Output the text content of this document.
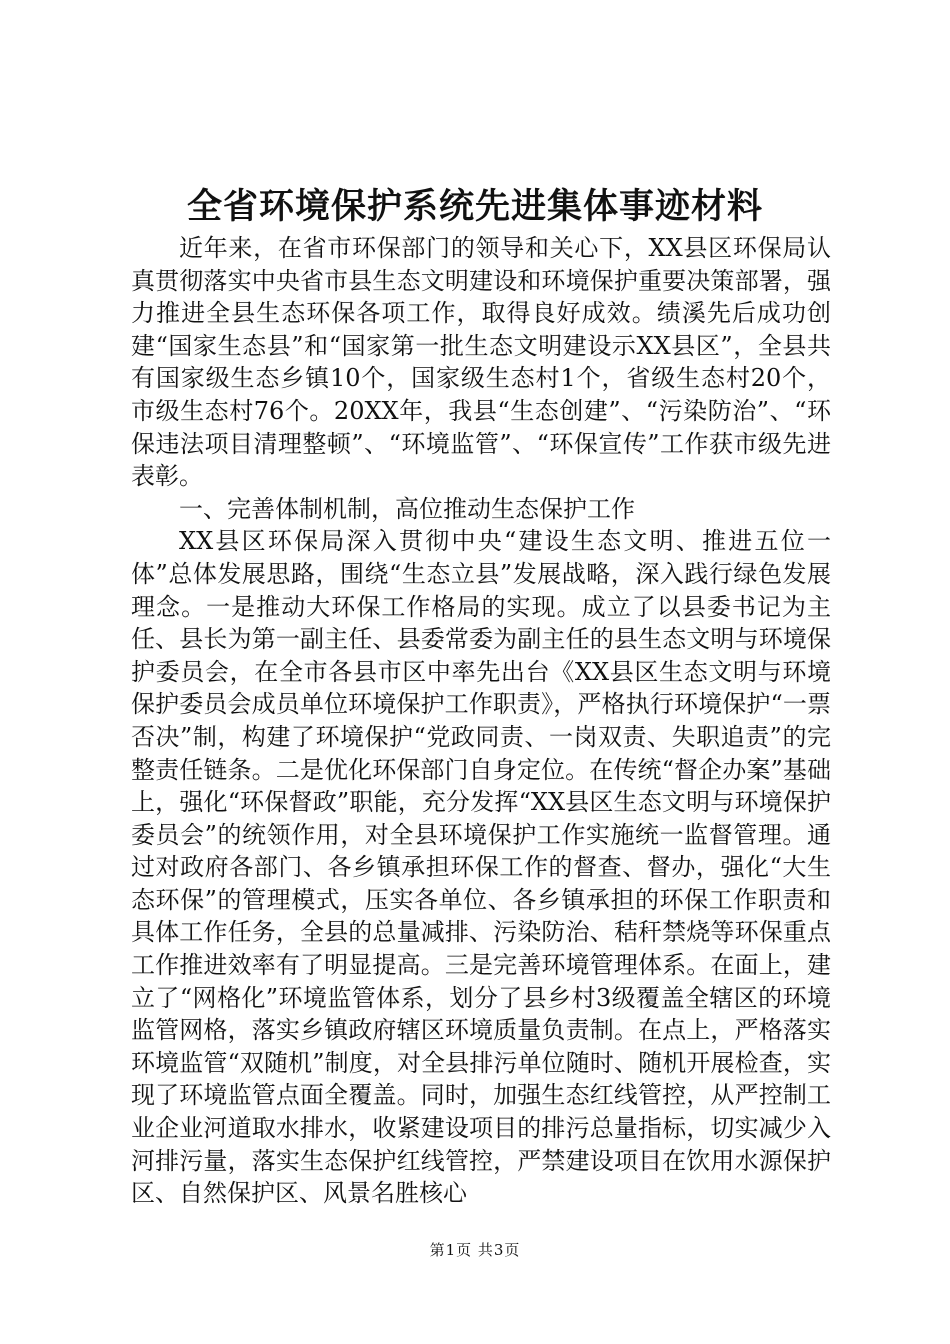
全省环境保护系统先进集体事迹材料

近年来，在省市环保部门的领导和关心下，XX县区环保局认真贯彻落实中央省市县生态文明建设和环境保护重要决策部署，强力推进全县生态环保各项工作，取得良好成效。绩溪先后成功创建“国家生态县”和“国家第一批生态文明建设示XX县区”，全县共有国家级生态乡镇10个，国家级生态村1个，省级生态村20个，市级生态村76个。20XX年，我县“生态创建”、“污染防治”、“环保违法项目清理整顿”、“环境监管”、“环保宣传”工作获市级先进表彰。

一、完善体制机制，高位推动生态保护工作

XX县区环保局深入贯彻中央“建设生态文明、推进五位一体”总体发展思路，围绕“生态立县”发展战略，深入践行绿色发展理念。一是推动大环保工作格局的实现。成立了以县委书记为主任、县长为第一副主任、县委常委为副主任的县生态文明与环境保护委员会，在全市各县市区中率先出台《XX县区生态文明与环境保护委员会成员单位环境保护工作职责》，严格执行环境保护“一票否决”制，构建了环境保护“党政同责、一岗双责、失职追责”的完整责任链条。二是优化环保部门自身定位。在传统“督企办案”基础上，强化“环保督政”职能，充分发挥“XX县区生态文明与环境保护委员会”的统领作用，对全县环境保护工作实施统一监督管理。通过对政府各部门、各乡镇承担环保工作的督查、督办，强化“大生态环保”的管理模式，压实各单位、各乡镇承担的环保工作职责和具体工作任务，全县的总量减排、污染防治、秸秆禁烧等环保重点工作推进效率有了明显提高。三是完善环境管理体系。在面上，建立了“网格化”环境监管体系，划分了县乡村3级覆盖全辖区的环境监管网格，落实乡镇政府辖区环境质量负责制。在点上，严格落实环境监管“双随机”制度，对全县排污单位随时、随机开展检查，实现了环境监管点面全覆盖。同时，加强生态红线管控，从严控制工业企业河道取水排水，收紧建设项目的排污总量指标，切实减少入河排污量，落实生态保护红线管控，严禁建设项目在饮用水源保护区、自然保护区、风景名胜核心

第1页 共3页
